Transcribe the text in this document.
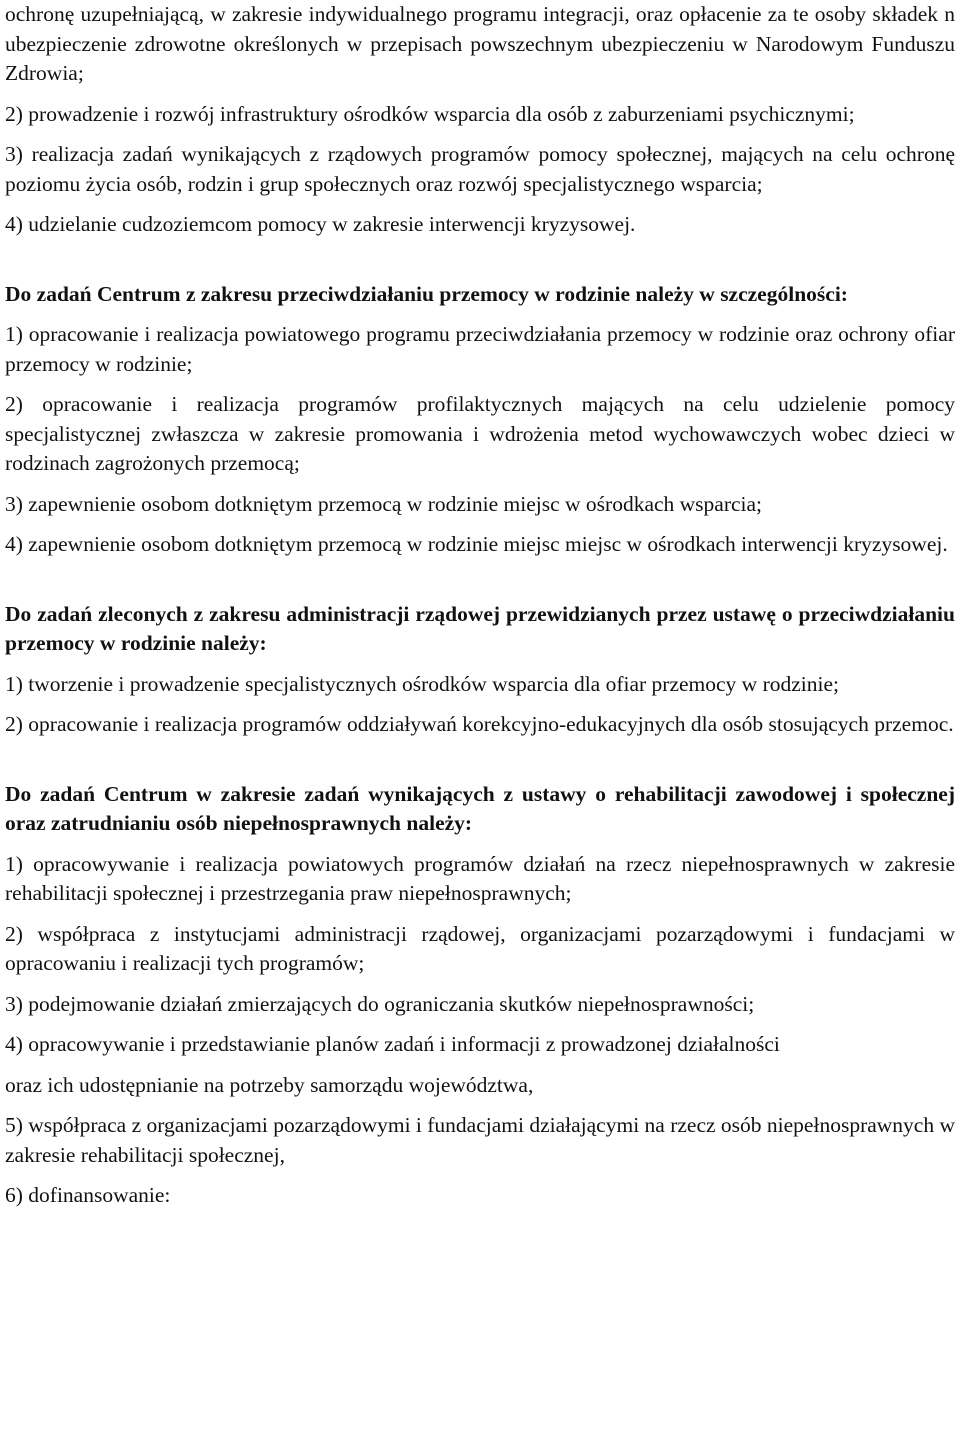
ochronę uzupełniającą, w zakresie indywidualnego programu integracji, oraz opłacenie za te osoby składek n ubezpieczenie zdrowotne określonych w przepisach powszechnym ubezpieczeniu w Narodowym Funduszu Zdrowia;

2) prowadzenie i rozwój infrastruktury ośrodków wsparcia dla osób z zaburzeniami psychicznymi;

3) realizacja zadań wynikających z rządowych programów pomocy społecznej, mających na celu ochronę poziomu życia osób, rodzin i grup społecznych oraz rozwój specjalistycznego wsparcia;

4) udzielanie cudzoziemcom pomocy w zakresie interwencji kryzysowej.

Do zadań Centrum z zakresu przeciwdziałaniu przemocy w rodzinie należy w szczególności:

1) opracowanie i realizacja powiatowego programu przeciwdziałania przemocy w rodzinie oraz ochrony ofiar przemocy w rodzinie;

2) opracowanie i realizacja programów profilaktycznych mających na celu udzielenie pomocy specjalistycznej zwłaszcza w zakresie promowania i wdrożenia metod wychowawczych wobec dzieci w rodzinach zagrożonych przemocą;

3) zapewnienie osobom dotkniętym przemocą w rodzinie miejsc w ośrodkach wsparcia;

4) zapewnienie osobom dotkniętym przemocą w rodzinie miejsc miejsc w ośrodkach interwencji kryzysowej.

Do zadań zleconych z zakresu administracji rządowej przewidzianych przez ustawę o przeciwdziałaniu przemocy w rodzinie należy:

1) tworzenie i prowadzenie specjalistycznych ośrodków wsparcia dla ofiar przemocy w rodzinie;

2) opracowanie i realizacja programów oddziaływań korekcyjno-edukacyjnych dla osób stosujących przemoc.

Do zadań Centrum w zakresie zadań wynikających z ustawy o rehabilitacji zawodowej i społecznej oraz zatrudnianiu osób niepełnosprawnych należy:

1) opracowywanie i realizacja powiatowych programów działań na rzecz niepełnosprawnych w zakresie rehabilitacji społecznej i przestrzegania praw niepełnosprawnych;

2) współpraca z instytucjami administracji rządowej, organizacjami pozarządowymi i fundacjami w opracowaniu i realizacji tych programów;

3) podejmowanie działań zmierzających do ograniczania skutków niepełnosprawności;

4) opracowywanie i przedstawianie planów zadań i informacji z prowadzonej działalności

oraz ich udostępnianie na potrzeby samorządu województwa,

5) współpraca z organizacjami pozarządowymi i fundacjami działającymi na rzecz osób niepełnosprawnych w zakresie rehabilitacji społecznej,

6) dofinansowanie:
